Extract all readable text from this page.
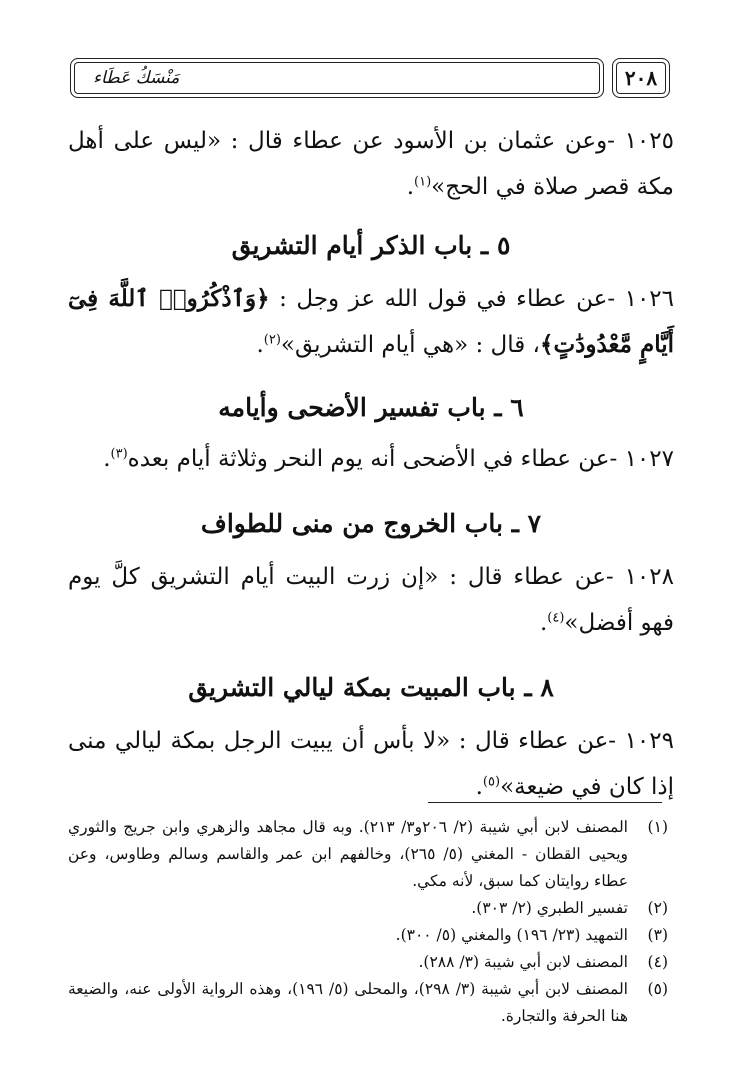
مَنْسَكُ عَطَاء	٢٠٨

١٠٢٥ -وعن عثمان بن الأسود عن عطاء قال : «ليس على أهل مكة قصر صلاة في الحج»$^{(١)}$.

٥ ـ باب الذكر أيام التشريق

١٠٢٦ -عن عطاء في قول الله عز وجل : ﴿وَٱذْكُرُوا۟ ٱللَّهَ فِىٓ أَيَّامٍ مَّعْدُودَٰتٍ﴾، قال : «هي أيام التشريق»$^{(٢)}$.

٦ ـ باب تفسير الأضحى وأيامه

١٠٢٧ -عن عطاء في الأضحى أنه يوم النحر وثلاثة أيام بعده$^{(٣)}$.

٧ ـ باب الخروج من منى للطواف

١٠٢٨ -عن عطاء قال : «إن زرت البيت أيام التشريق كلَّ يوم فهو أفضل»$^{(٤)}$.

٨ ـ باب المبيت بمكة ليالي التشريق

١٠٢٩ -عن عطاء قال : «لا بأس أن يبيت الرجل بمكة ليالي منى إذا كان في ضيعة»$^{(٥)}$.

(١)
المصنف لابن أبي شيبة (٢/ ٢٠٦و٣/ ٢١٣). وبه قال مجاهد والزهري وابن جريج والثوري ويحيى القطان - المغني (٥/ ٢٦٥)، وخالفهم ابن عمر والقاسم وسالم وطاوس، وعن عطاء روايتان كما سبق، لأنه مكي.

(٢)
تفسير الطبري (٢/ ٣٠٣).

(٣)
التمهيد (٢٣/ ١٩٦) والمغني (٥/ ٣٠٠).

(٤)
المصنف لابن أبي شيبة (٣/ ٢٨٨).

(٥)
المصنف لابن أبي شيبة (٣/ ٢٩٨)، والمحلى (٥/ ١٩٦)، وهذه الرواية الأولى عنه، والضيعة هنا الحرفة والتجارة.
